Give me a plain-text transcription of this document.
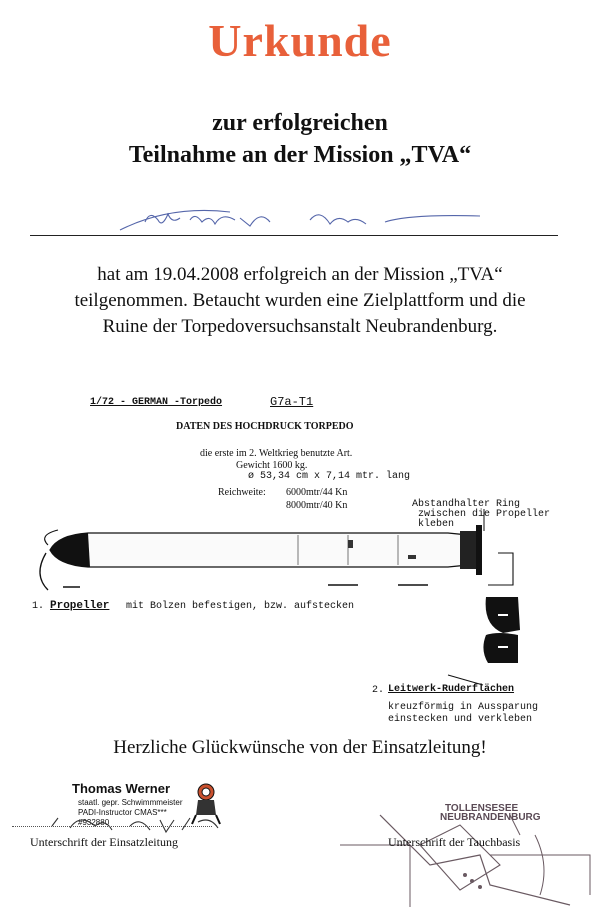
Urkunde
zur erfolgreichen
Teilnahme an der Mission „TVA“
hat am 19.04.2008 erfolgreich an der Mission „TVA“
teilgenommen. Betaucht wurden eine Zielplattform und die
Ruine der Torpedoversuchsanstalt Neubrandenburg.
1/72 - GERMAN -Torpedo	G7a-T1
DATEN DES HOCHDRUCK TORPEDO
die erste im 2. Weltkrieg benutzte Art.
Gewicht 1600 kg.
ø 53,34 cm x 7,14 mtr. lang
Reichweite: 6000mtr/44 Kn
8000mtr/40 Kn	Abstandhalter Ring
zwischen die Propeller
kleben
1. Propeller mit Bolzen befestigen, bzw. aufstecken
2. Leitwerk-Ruderflächen
kreuzförmig in Aussparung
einstecken und verkleben
Herzliche Glückwünsche von der Einsatzleitung!
Thomas Werner
staatl. gepr. Schwimmmeister
PADI-Instructor CMAS***
#932880
Unterschrift der Einsatzleitung
TOLLENSESEE
NEUBRANDENBURG
Unterschrift der Tauchbasis
